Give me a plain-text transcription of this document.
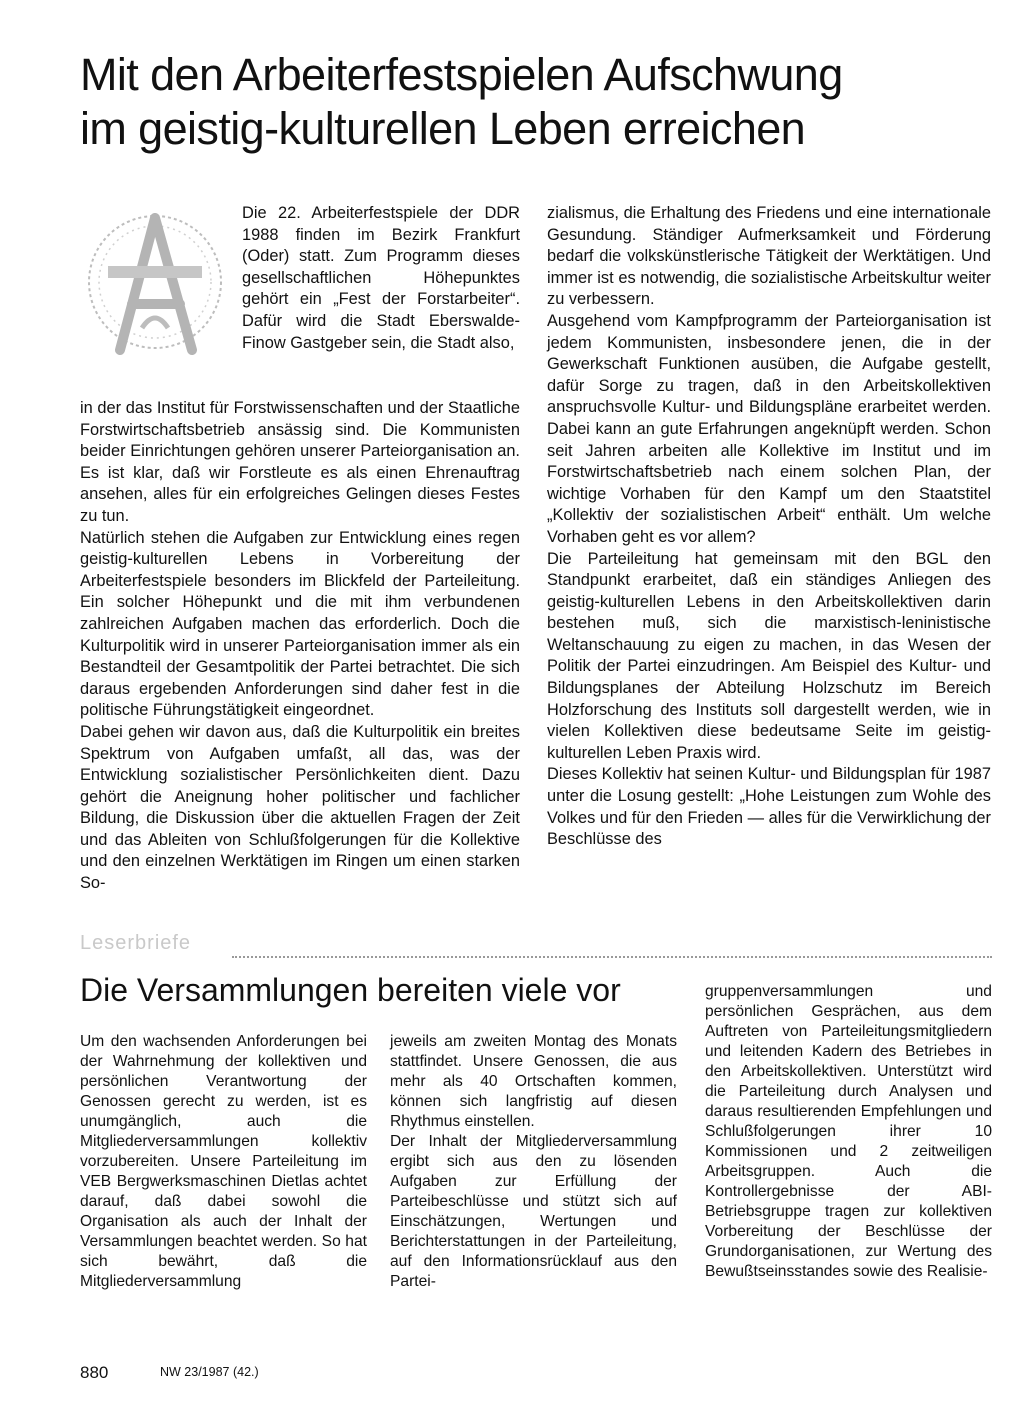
Mit den Arbeiterfestspielen Aufschwung
im geistig-kulturellen Leben erreichen

Die 22. Arbeiterfestspiele der DDR 1988 finden im Bezirk Frankfurt (Oder) statt. Zum Programm dieses gesellschaftlichen Höhepunktes gehört ein „Fest der Forstarbeiter“. Dafür wird die Stadt Eberswalde-Finow Gastgeber sein, die Stadt also,

in der das Institut für Forstwissenschaften und der Staatliche Forstwirtschaftsbetrieb ansässig sind. Die Kommunisten beider Einrichtungen gehören unserer Parteiorganisation an. Es ist klar, daß wir Forstleute es als einen Ehrenauftrag ansehen, alles für ein erfolgreiches Gelingen dieses Festes zu tun.

Natürlich stehen die Aufgaben zur Entwicklung eines regen geistig-kulturellen Lebens in Vorbereitung der Arbeiterfestspiele besonders im Blickfeld der Parteileitung. Ein solcher Höhepunkt und die mit ihm verbundenen zahlreichen Aufgaben machen das erforderlich. Doch die Kulturpolitik wird in unserer Parteiorganisation immer als ein Bestandteil der Gesamtpolitik der Partei betrachtet. Die sich daraus ergebenden Anforderungen sind daher fest in die politische Führungstätigkeit eingeordnet.

Dabei gehen wir davon aus, daß die Kulturpolitik ein breites Spektrum von Aufgaben umfaßt, all das, was der Entwicklung sozialistischer Persönlichkeiten dient. Dazu gehört die Aneignung hoher politischer und fachlicher Bildung, die Diskussion über die aktuellen Fragen der Zeit und das Ableiten von Schlußfolgerungen für die Kollektive und den einzelnen Werktätigen im Ringen um einen starken So-

zialismus, die Erhaltung des Friedens und eine internationale Gesundung. Ständiger Aufmerksamkeit und Förderung bedarf die volkskünstlerische Tätigkeit der Werktätigen. Und immer ist es notwendig, die sozialistische Arbeitskultur weiter zu verbessern.

Ausgehend vom Kampfprogramm der Parteiorganisation ist jedem Kommunisten, insbesondere jenen, die in der Gewerkschaft Funktionen ausüben, die Aufgabe gestellt, dafür Sorge zu tragen, daß in den Arbeitskollektiven anspruchsvolle Kultur- und Bildungspläne erarbeitet werden. Dabei kann an gute Erfahrungen angeknüpft werden. Schon seit Jahren arbeiten alle Kollektive im Institut und im Forstwirtschaftsbetrieb nach einem solchen Plan, der wichtige Vorhaben für den Kampf um den Staatstitel „Kollektiv der sozialistischen Arbeit“ enthält. Um welche Vorhaben geht es vor allem?

Die Parteileitung hat gemeinsam mit den BGL den Standpunkt erarbeitet, daß ein ständiges Anliegen des geistig-kulturellen Lebens in den Arbeitskollektiven darin bestehen muß, sich die marxistisch-leninistische Weltanschauung zu eigen zu machen, in das Wesen der Politik der Partei einzudringen. Am Beispiel des Kultur- und Bildungsplanes der Abteilung Holzschutz im Bereich Holzforschung des Instituts soll dargestellt werden, wie in vielen Kollektiven diese bedeutsame Seite im geistig-kulturellen Leben Praxis wird.

Dieses Kollektiv hat seinen Kultur- und Bildungsplan für 1987 unter die Losung gestellt: „Hohe Leistungen zum Wohle des Volkes und für den Frieden — alles für die Verwirklichung der Beschlüsse des

Leserbriefe
Die Versammlungen bereiten viele vor

Um den wachsenden Anforderungen bei der Wahrnehmung der kollektiven und persönlichen Verantwortung der Genossen gerecht zu werden, ist es unumgänglich, auch die Mitgliederversammlungen kollektiv vorzubereiten. Unsere Parteileitung im VEB Bergwerksmaschinen Dietlas achtet darauf, daß dabei sowohl die Organisation als auch der Inhalt der Versammlungen beachtet werden. So hat sich bewährt, daß die Mitgliederversammlung

jeweils am zweiten Montag des Monats stattfindet. Unsere Genossen, die aus mehr als 40 Ortschaften kommen, können sich langfristig auf diesen Rhythmus einstellen.

Der Inhalt der Mitgliederversammlung ergibt sich aus den zu lösenden Aufgaben zur Erfüllung der Parteibeschlüsse und stützt sich auf Einschätzungen, Wertungen und Berichterstattungen in der Parteileitung, auf den Informationsrücklauf aus den Partei-

gruppenversammlungen und persönlichen Gesprächen, aus dem Auftreten von Parteileitungsmitgliedern und leitenden Kadern des Betriebes in den Arbeitskollektiven. Unterstützt wird die Parteileitung durch Analysen und daraus resultierenden Empfehlungen und Schlußfolgerungen ihrer 10 Kommissionen und 2 zeitweiligen Arbeitsgruppen. Auch die Kontrollergebnisse der ABI-Betriebsgruppe tragen zur kollektiven Vorbereitung der Beschlüsse der Grundorganisationen, zur Wertung des Bewußtseinsstandes sowie des Realisie-

880	NW 23/1987 (42.)
